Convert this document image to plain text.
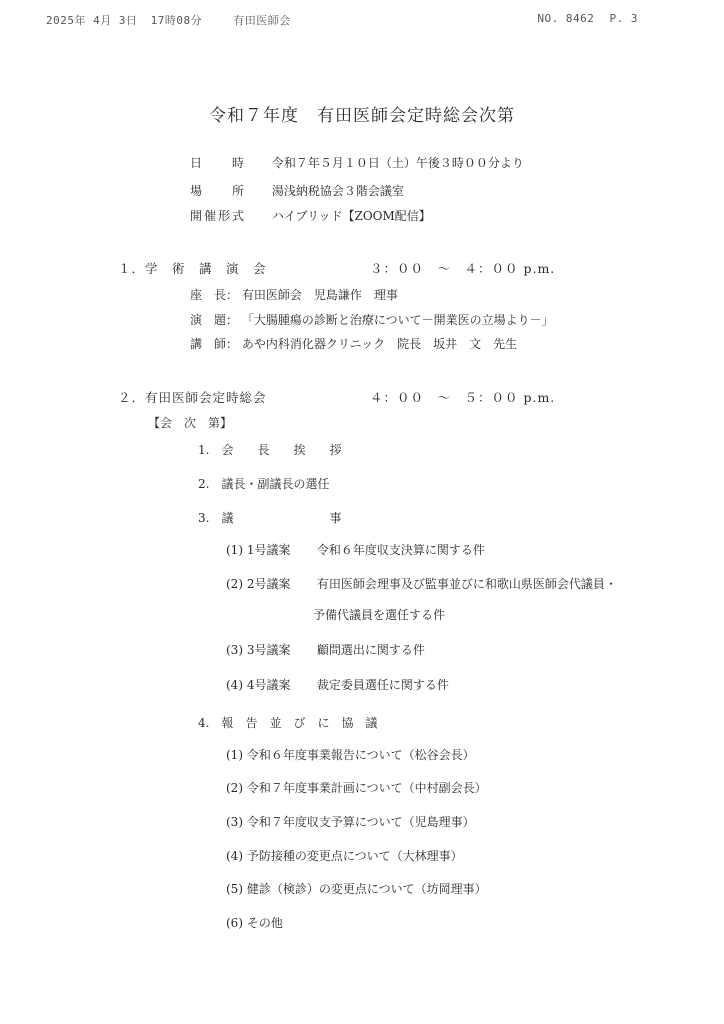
2025年 4月 3日 17時08分	有田医師会	NO. 8462 P. 3
令和７年度　有田医師会定時総会次第
日　　時 令和７年５月１０日（土）午後３時００分より
場　　所 湯浅納税協会３階会議室
開催形式 ハイブリッド【ZOOM配信】
１．学　術　講　演　会	３：００　〜　４：００ p.m.
座　長： 有田医師会　児島謙作　理事
演　題： 「大腸腫瘍の診断と治療について－開業医の立場より－」
講　師： あや内科消化器クリニック　院長　坂井　文　先生
２．有田医師会定時総会	４：００　〜　５：００ p.m.
【会　次　第】
1.　会　　長　　挨　　拶
2.　議長・副議長の選任
3.　議　　　　　　　　事
(1) 1号議案 令和６年度収支決算に関する件
(2) 2号議案 有田医師会理事及び監事並びに和歌山県医師会代議員・
予備代議員を選任する件
(3) 3号議案 顧問選出に関する件
(4) 4号議案 裁定委員選任に関する件
4.　報　告　並　び　に　協　議
(1) 令和６年度事業報告について（松谷会長）
(2) 令和７年度事業計画について（中村副会長）
(3) 令和７年度収支予算について（児島理事）
(4) 予防接種の変更点について（大林理事）
(5) 健診（検診）の変更点について（坊岡理事）
(6) その他
